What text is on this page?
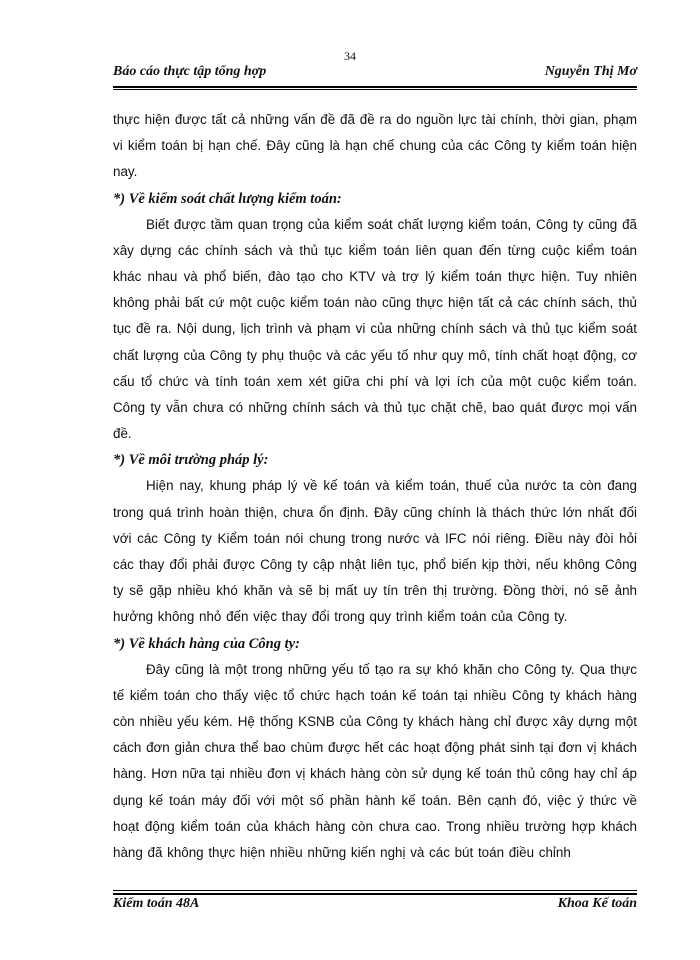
34
Báo cáo thực tập tổng hợp	Nguyễn Thị Mơ

thực hiện được tất cả những vấn đề đã đề ra do nguồn lực tài chính, thời gian, phạm vi kiểm toán bị hạn chế. Đây cũng là hạn chế chung của các Công ty kiểm toán hiện nay.

*) Về kiểm soát chất lượng kiểm toán:

Biết được tầm quan trọng của kiểm soát chất lượng kiểm toán, Công ty cũng đã xây dựng các chính sách và thủ tục kiểm toán liên quan đến từng cuộc kiểm toán khác nhau và phổ biến, đào tạo cho KTV và trợ lý kiểm toán thực hiện. Tuy nhiên không phải bất cứ một cuộc kiểm toán nào cũng thực hiện tất cả các chính sách, thủ tục đề ra. Nội dung, lịch trình và phạm vi của những chính sách và thủ tục kiểm soát chất lượng của Công ty phụ thuộc và các yếu tố như quy mô, tính chất hoạt động, cơ cấu tổ chức và tính toán xem xét giữa chi phí và lợi ích của một cuộc kiểm toán. Công ty vẫn chưa có những chính sách và thủ tục chặt chẽ, bao quát được mọi vấn đề.

*) Về môi trường pháp lý:

Hiện nay, khung pháp lý về kế toán và kiểm toán, thuế của nước ta còn đang trong quá trình hoàn thiện, chưa ổn định. Đây cũng chính là thách thức lớn nhất đối với các Công ty Kiểm toán nói chung trong nước và IFC nói riêng. Điều này đòi hỏi các thay đổi phải được Công ty cập nhật liên tục, phổ biến kịp thời, nếu không Công ty sẽ gặp nhiều khó khăn và sẽ bị mất uy tín trên thị trường. Đồng thời, nó sẽ ảnh hưởng không nhỏ đến việc thay đổi trong quy trình kiểm toán của Công ty.

*) Về khách hàng của Công ty:

Đây cũng là một trong những yếu tố tạo ra sự khó khăn cho Công ty. Qua thực tế kiểm toán cho thấy việc tổ chức hạch toán kế toán tại nhiều Công ty khách hàng còn nhiều yếu kém. Hệ thống KSNB của Công ty khách hàng chỉ được xây dựng một cách đơn giản chưa thể bao chùm được hết các hoạt động phát sinh tại đơn vị khách hàng. Hơn nữa tại nhiều đơn vị khách hàng còn sử dụng kế toán thủ công hay chỉ áp dụng kế toán máy đối với một số phần hành kế toán. Bên cạnh đó, việc ý thức về hoạt động kiểm toán của khách hàng còn chưa cao. Trong nhiều trường hợp khách hàng đã không thực hiện nhiều những kiến nghị và các bút toán điều chỉnh

Kiểm toán 48A	Khoa Kế toán
